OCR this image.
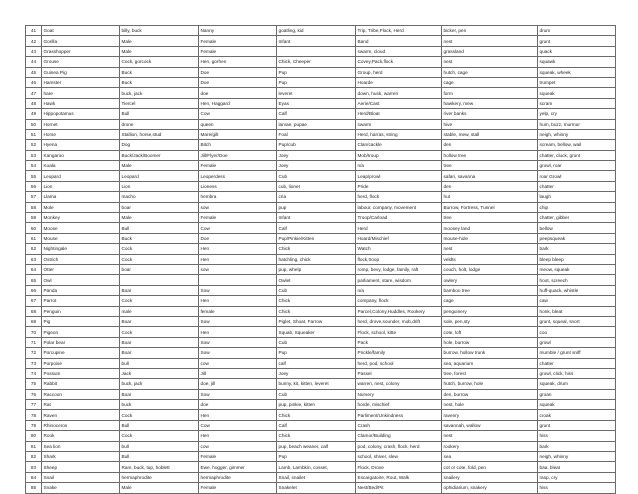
41	Goat	billy, buck	Nanny	goatling, kid	Trip, Tribe,Flock, Herd	bicker, pen	drum
42	Gorilla	Male	Female	Infant	Band	nest	grunt
43	Grasshopper	Male	Female		swarm, cloud	grassland	quack
44	Grouse	Cock, gorcock	Hen, gorhen	Chick, Cheeper	Covey,Pack,flock	nest	squawk
45	Guinea Pig	Buck	Doe	Pup	Group, herd	hutch, cage	squeak, wheek
46	Hamster	Buck	Doe	Pup	Hoarde	cage	trumpet
47	hare	buck, jack	doe	leveret	down, husk, warren	form	squeak
48	Hawk	Tiercel	Hen, Haggard	Eyas	Aerie/Cast	hawkery, mew	scram
49	Hippopotamus	Bull	Cow	Calf	Herd/Bloat	river banks	yelp, cry
50	Hornet	drone	queen	larvae, pupae	swarm	hive	hum, buzz, murmur
51	Horse	Stallion, horse,stud	Mare/gilt	Foal	Herd, harras, string	stable, mew, stall	neigh, whinny
52	Hyena	Dog	Bitch	Pup/cub	Clan/cackle	den	scream, bellow, wail
53	Kangaroo	Buck/Jack/Boomer	Jill/Flyer/Doe	Joey	Mob/troup	hollow tree	chatter, cluck, grunt
54	Koala	Male	Female	Joey	n/a	tree	growl, roar
55	Leopard	Leopard	Leoperdess	Cub	Leap/prowl	safari, savanna	roar Growl
56	Lion	Lion	Lioness	cub, lionet	Pride	den	chatter
57	Llama	macho	hembra	cria	herd, flock	hut	laugh
58	Mole	boar	sow	pup	labour, company, movement	Burrow, Fortress, Tunnel	chip
59	Monkey	Male	Female	Infant	Troop/Carload	tree	chatter, gibber
60	Moose	Bull	Cow	Calf	Herd	moosey land	bellow
61	Mouse	Buck	Doe	Pup/Pinkie/Kitten	Hoard/Mischief	mouse-hole	peepsqueak
62	Nightingale	Cock	Hen	Chick	Watch	nest	bark
63	Ostrich	Cock	Hen	hatchling, chick	flock,troop	veldts	bleep bleep
64	Otter	boar	sow	pup, whelp	romp, bevy, lodge, family, raft	couch, holt, lodge	meow, squeak
65	Owl			Owlet	parliament, stare, wisdom	owlery	hoot, screech
66	Panda	Boar	Sow	Cub	n/a	bamboo tree	huff-quack, whistle
67	Parrot	Cock	Hen	Chick	company, flock	cage	caw
68	Penguin	male	female	Chick	Parcel,Colony,Huddles, Rookery	penguinery	honk, bleat
69	Pig	Boar	Sow	Piglet, Shoat, Farrow	herd, drove,sounder, mob,drift	sole, pen,sty	grunt, squeal, snort
70	Pigeon	Cock	Hen	Squab, Squeaker	Flock, school, kitte	cote, loft	coo
71	Polar bear	Boar	Sow	Cub	Pack	hole, burrow	growl
72	Porcupine	Boar	Sow	Pup	Prickle/family	burrow, hollow trunk	mumble / grunt sniff
73	Porpoise	bull	cow	calf	herd, pod, school	sea, aquarium	chatter
74	Possum	Jack	Jill	Joey	Passel	tree, forest	growl, click, hiss
75	Rabbit	buck, jack	doe, jill	bunny, kit, kitten, leveret	warren, nest, colony	hutch, burrow, hole	squeak, drum
76	Raccoon	Boar	Sow	Cub	Nursery	den, burrow	groan
77	Rat	buck	doe	pup, pinkie, kitten	horde, mischief	nest, hole	squeak
78	Raven	Cock	Hen	Chick	Parliment/Unkindness	ravenry	croak
79	Rhinoceros	Bull	Cow	Calf	Crash	savannah, wallow	grunt
80	Rook	Cock	Hen	Chick	Clamor/Building	nest	hiss
81	Sea lion	bull	cow	pup, beach weaner, calf	pod, colony, crash, flock, herd	rookery	bark
82	Shark	Bull	Female	Pup	school, shiver, slew	sea	neigh, whinny
83	Sheep	Ram, buck, tup, hoblett	Ewe, hogger, gimmer	Lamb, Lambkin, cosset,	Flock, Drove	cot or cote, fold, pen	baa, bleat
84	Snail	hermaphrodite	hermaphrodite	Snail, snailet	Escargatoire, Rout, Walk	snailery	rasp, cry
85	Snake	Male	Female	Snakelet	Nest/Bed/Pit	ophidiarium, snakery	hiss
